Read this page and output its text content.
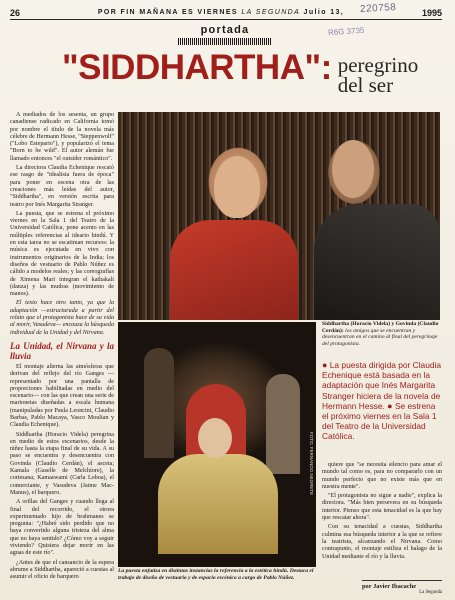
26	POR FIN MAÑANA ES VIERNES LA SEGUNDA Julio 13,	1995
220758
R6G 3735
portada
"SIDDHARTHA": peregrino
del ser

A mediados de los sesenta, un grupo canadiense radicado en California tomó por nombre el título de la novela más célebre de Hermann Hesse, "Steppenwolf" ("Lobo Estepario"), y popularizó el tema "Born to be wild". El autor alemán fue llamado entonces "el outsider romántico".

La directora Claudia Echenique rescató ese rasgo de "idealista fuera de época" para poner en escena otra de las creaciones más leídas del autor, "Siddhartha", en versión escrita para teatro por Inés Margarita Stranger.

La puesta, que se estrena el próximo viernes en la Sala 1 del Teatro de la Universidad Católica, pone acento en las múltiples referencias al ideario hindú. Y en esta tarea no se escatiman recursos: la música es ejecutada en vivo con instrumentos originarios de la India; los diseños de vestuario de Pablo Núñez es cálido a modelos reales; y las coreografías de Ximena Mari integran el kathakali (danza) y las mudras (movimiento de manos).

El texto hace otro tanto, ya que la adaptación —estructurada a partir del relato que el protagonista hace de su vida al morir, Vasudeva— encauza la búsqueda individual de la Unidad y del Nirvana.

La Unidad, el Nirvana y la lluvia

El montaje alterna las atmósferas que derivan del reflejo del río Ganges —representado por una pantalla de proporciones habilitadas en medio del escenario— con las que crean una serie de marionetas diseñadas a escala humana (manipuladas por Paula Leoncini, Claudio Barbas, Pablo Macaya, Vasco Moulian y Claudia Echenique).

Siddhartha (Horacio Videla) peregrina en medio de estos escenarios, desde la niñez hasta la etapa final de su vida. A su paso se encuentra y desencuentra con Govinda (Claudio Cerdán), el asceta; Kamala (Gaselle de Melchiore), la cortesana; Kamaswami (Carla Loboa), el comerciante, y Vasudeva (Jaime Mac-Manus), el barquero.

A orillas del Ganges y cuando llega al final del recorrido, el otrora experimentado hijo de brahmanes se pregunta: "¿Habré sido perdido que no haya convertido alguna tristeza del alma que no haya sentido? ¿Cómo voy a seguir viviendo? Quisiera dejar morir en las aguas de este río".

¿Antes de que el cansancio de la espera abrume a Siddhartha, apareció a cuestas al asumir el oficio de barquero

Siddhartha (Horacio Videla) y Govinda (Claudio Cerdán): los amigos que se encuentran y desencuentran en el camino al final del peregrinaje del protagonista.
FOTO: FERNANDO NEGRETE
La puesta enfatiza en distintas instancias la referencia a la estética hindú. Destaca el trabajo de diseño de vestuario y de espacio escénico a cargo de Pablo Núñez.
● La puesta dirigida por Claudia Echenique está basada en la adaptación que Inés Margarita Stranger hiciera de la novela de Hermann Hesse. ● Se estrena el próximo viernes en la Sala 1 del Teatro de la Universidad Católica.

quiere que "se necesita silencio para amar el mundo tal como es, para no compararlo con un mundo perfecto que no existe más que en nuestra mente".

"El protagonista no sigue a nadie", explica la directora. "Más bien persevera en su búsqueda interior. Pienso que esta tenacidad es la que hay que rescatar ahora".

Con su tenacidad a cuestas, Siddhartha culmina esa búsqueda interior a la que se refiere la teatrista, alcanzando el Nirvana. Como contrapunto, el montaje estiliza el halago de la Unidad mediante el río y la lluvia.

por Javier Ibacache
La Segunda
